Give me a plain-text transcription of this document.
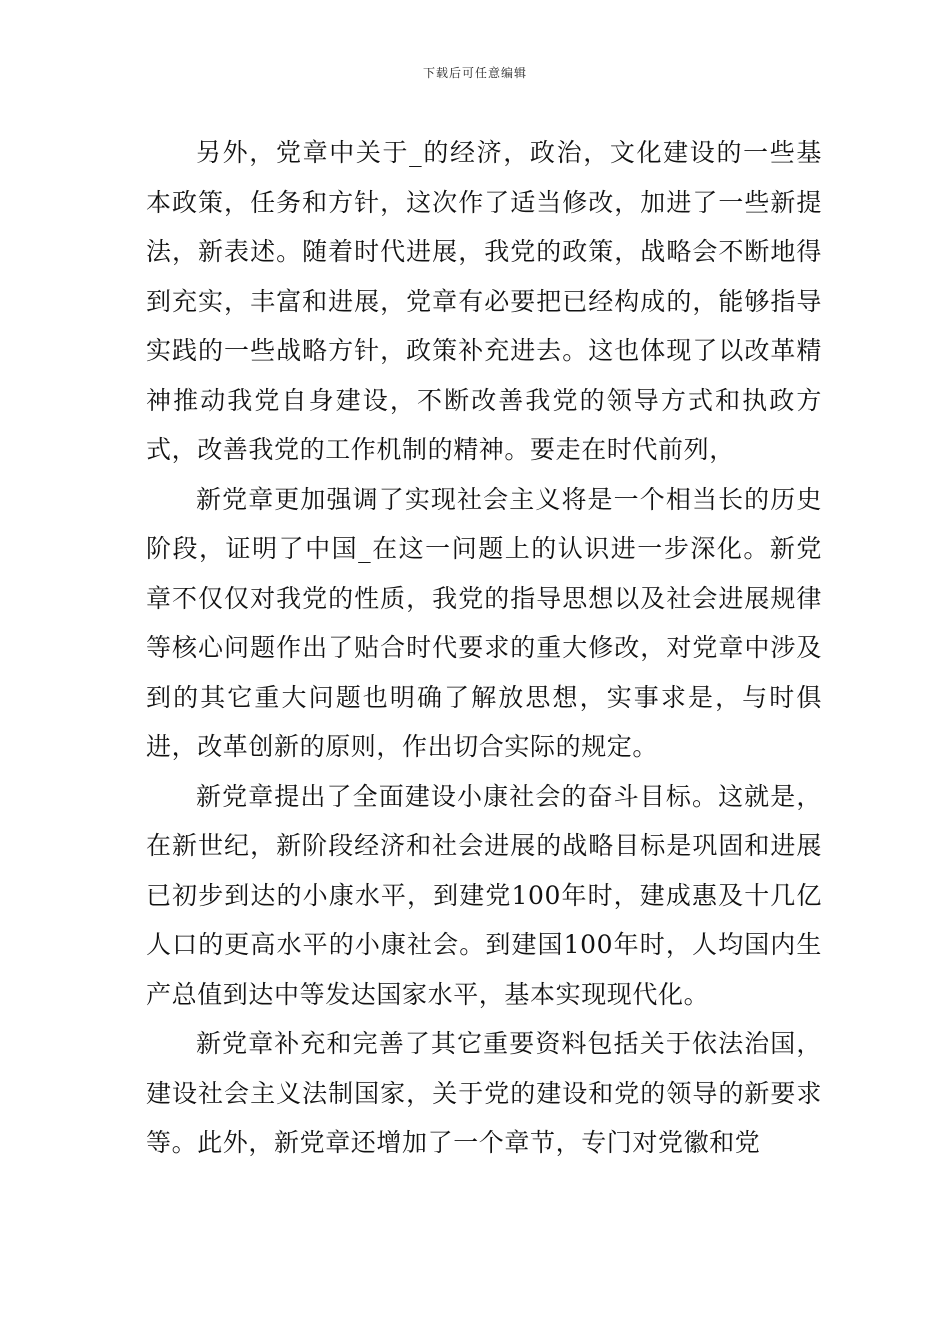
下载后可任意编辑

另外，党章中关于_的经济，政治，文化建设的一些基本政策，任务和方针，这次作了适当修改，加进了一些新提法，新表述。随着时代进展，我党的政策，战略会不断地得到充实，丰富和进展，党章有必要把已经构成的，能够指导实践的一些战略方针，政策补充进去。这也体现了以改革精神推动我党自身建设，不断改善我党的领导方式和执政方式，改善我党的工作机制的精神。要走在时代前列，

新党章更加强调了实现社会主义将是一个相当长的历史阶段，证明了中国_在这一问题上的认识进一步深化。新党章不仅仅对我党的性质，我党的指导思想以及社会进展规律等核心问题作出了贴合时代要求的重大修改，对党章中涉及到的其它重大问题也明确了解放思想，实事求是，与时俱进，改革创新的原则，作出切合实际的规定。

新党章提出了全面建设小康社会的奋斗目标。这就是，在新世纪，新阶段经济和社会进展的战略目标是巩固和进展已初步到达的小康水平，到建党100年时，建成惠及十几亿人口的更高水平的小康社会。到建国100年时，人均国内生产总值到达中等发达国家水平，基本实现现代化。

新党章补充和完善了其它重要资料包括关于依法治国，建设社会主义法制国家，关于党的建设和党的领导的新要求等。此外，新党章还增加了一个章节，专门对党徽和党
